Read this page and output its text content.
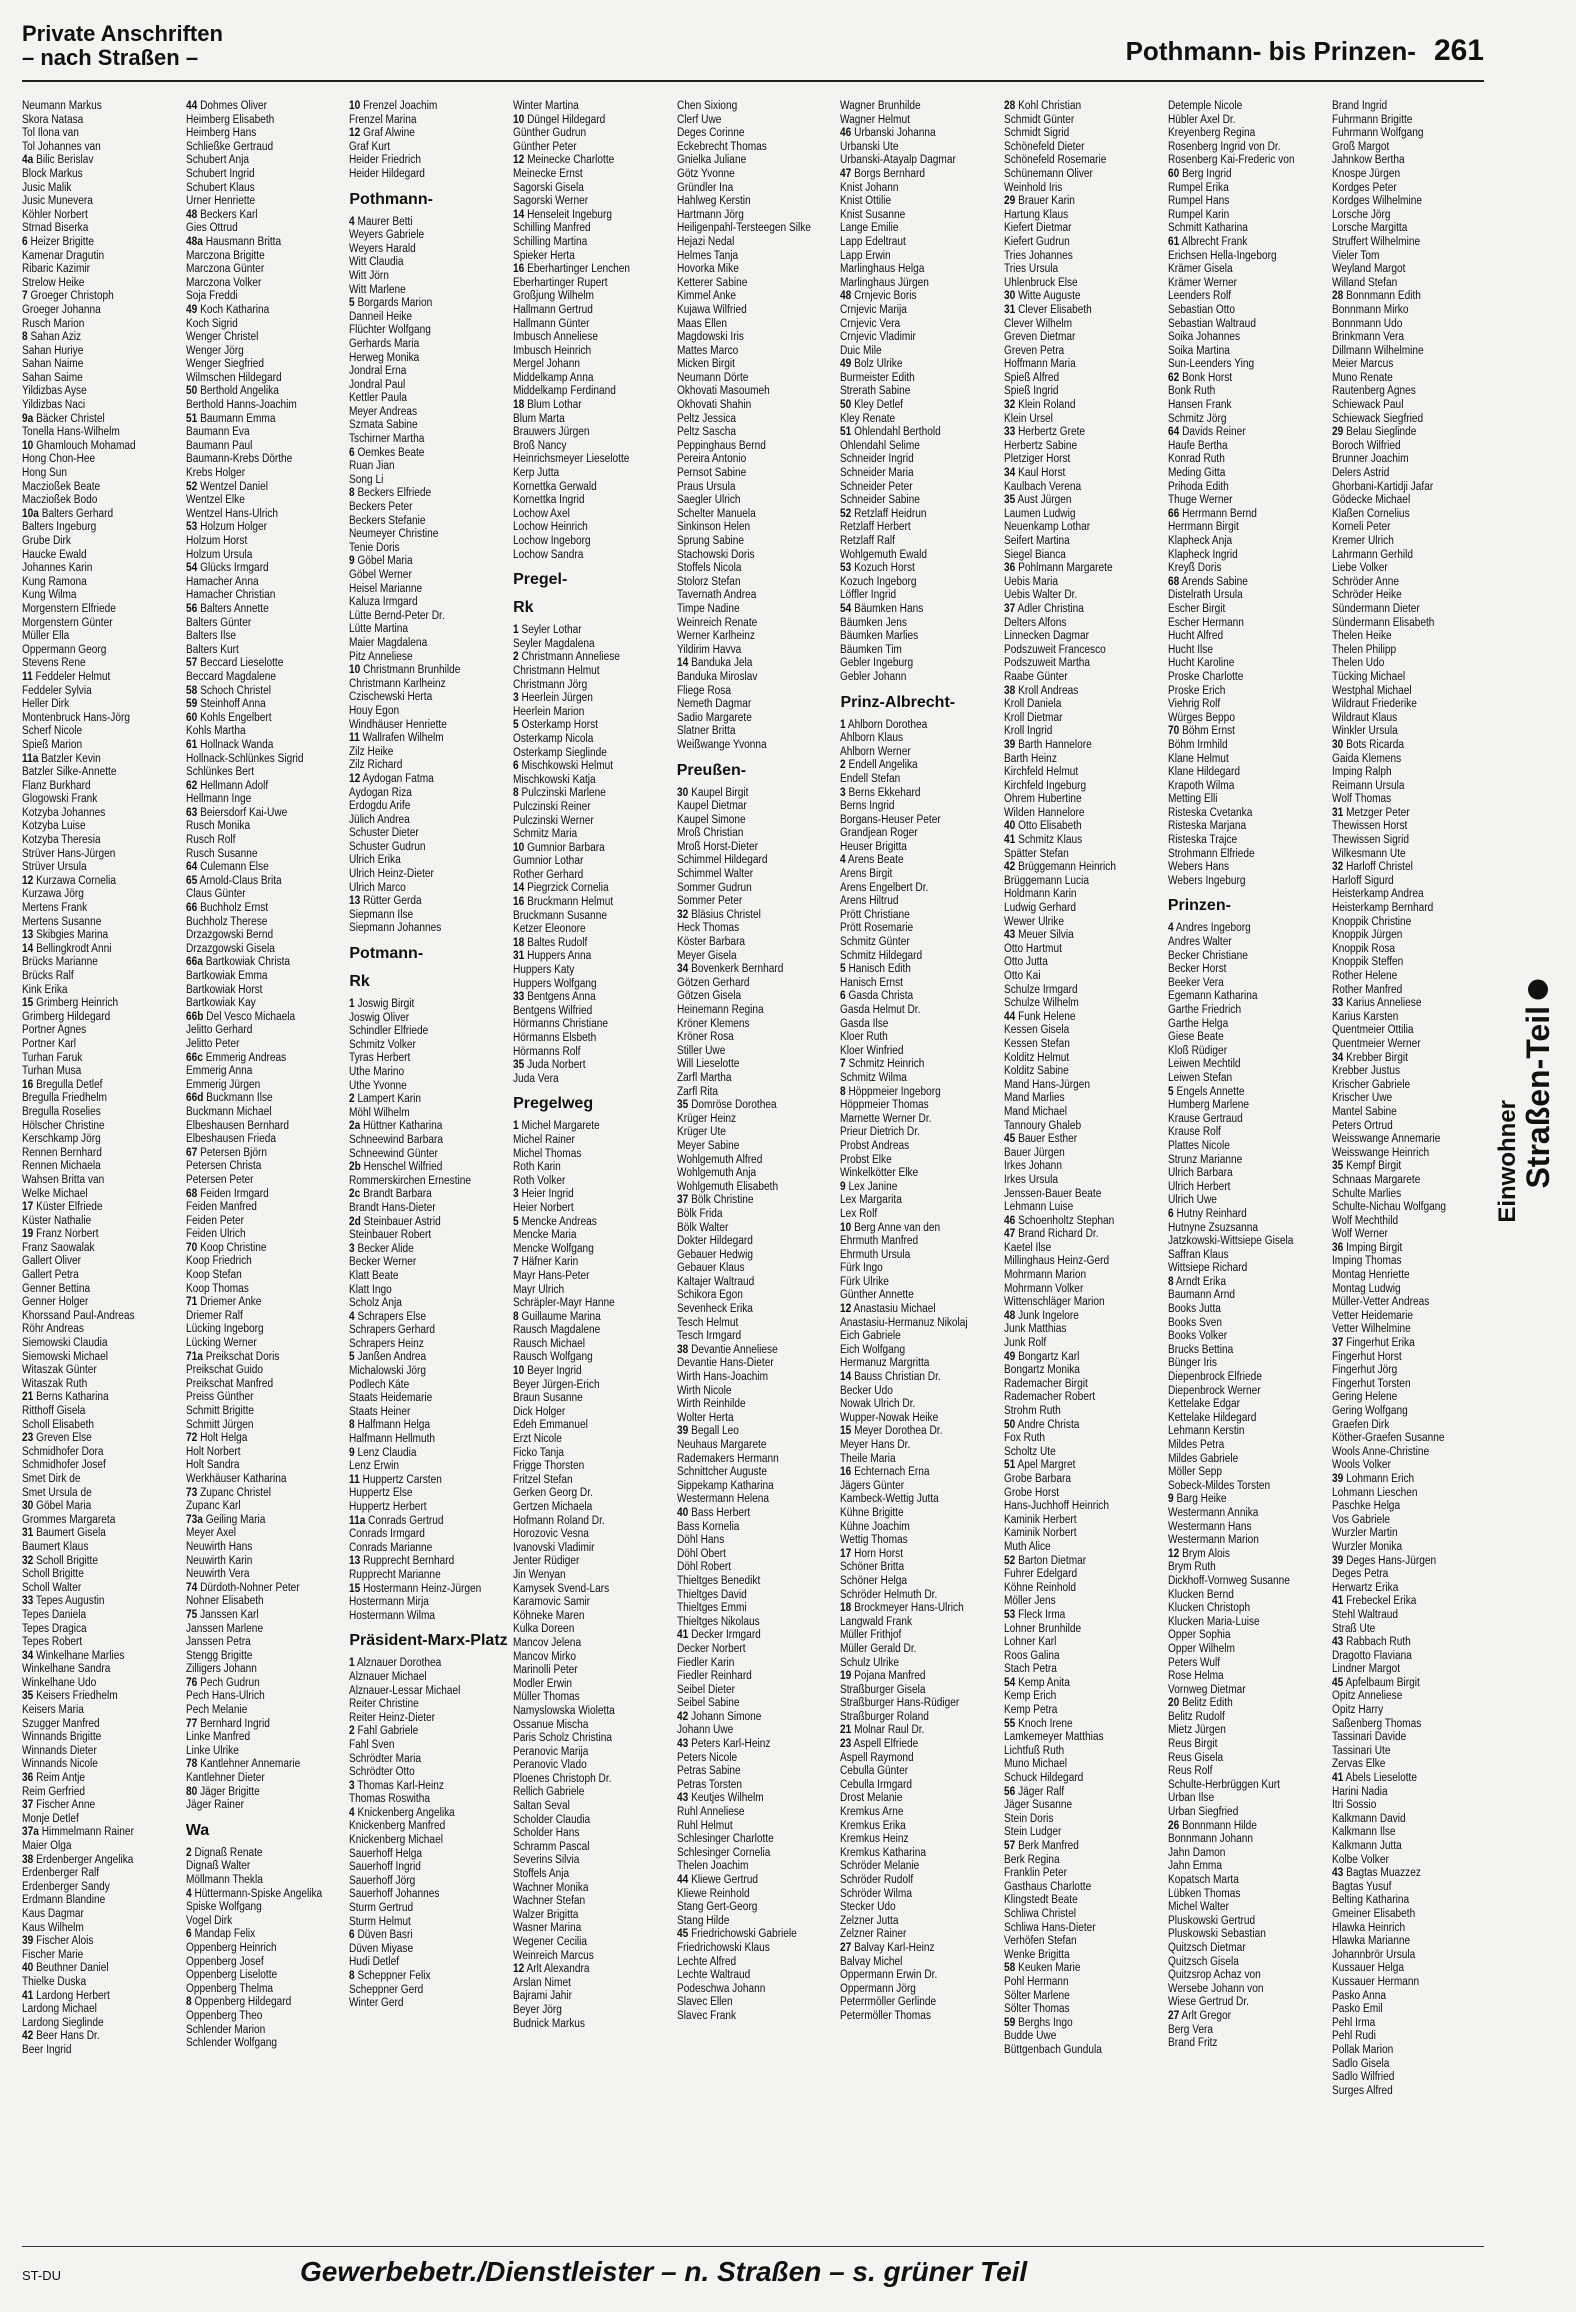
Private Anschriften
– nach Straßen –	Pothmann- bis Prinzen- 261
Neumann Markus
Skora Natasa
Tol Ilona van
Tol Johannes van
4a Bilic Berislav
Block Markus
Jusic Malik
Jusic Munevera
Köhler Norbert
Strnad Biserka
6 Heizer Brigitte
Kamenar Dragutin
Ribaric Kazimir
Strelow Heike
7 Groeger Christoph
Groeger Johanna
Rusch Marion
8 Sahan Aziz
Sahan Huriye
Sahan Naime
Sahan Saime
Yildizbas Ayse
Yildizbas Naci
9a Bäcker Christel
Tonella Hans-Wilhelm
10 Ghamlouch Mohamad
Hong Chon-Hee
Hong Sun
Maczioßek Beate
Maczioßek Bodo
10a Balters Gerhard
Balters Ingeburg
Grube Dirk
Haucke Ewald
Johannes Karin
Kung Ramona
Kung Wilma
Morgenstern Elfriede
Morgenstern Günter
Müller Ella
Oppermann Georg
Stevens Rene
11 Feddeler Helmut
Feddeler Sylvia
Heller Dirk
Montenbruck Hans-Jörg
Scherf Nicole
Spieß Marion
11a Batzler Kevin
Batzler Silke-Annette
Flanz Burkhard
Glogowski Frank
Kotzyba Johannes
Kotzyba Luise
Kotzyba Theresia
Strüver Hans-Jürgen
Strüver Ursula
12 Kurzawa Cornelia
Kurzawa Jörg
Mertens Frank
Mertens Susanne
13 Skibgies Marina
14 Bellingkrodt Anni
Brücks Marianne
Brücks Ralf
Kink Erika
15 Grimberg Heinrich
Grimberg Hildegard
Portner Agnes
Portner Karl
Turhan Faruk
Turhan Musa
16 Bregulla Detlef
Bregulla Friedhelm
Bregulla Roselies
Hölscher Christine
Kerschkamp Jörg
Rennen Bernhard
Rennen Michaela
Wahsen Britta van
Welke Michael
17 Küster Elfriede
Küster Nathalie
19 Franz Norbert
Franz Saowalak
Gallert Oliver
Gallert Petra
Genner Bettina
Genner Holger
Khorssand Paul-Andreas
Röhr Andreas
Siemowski Claudia
Siemowski Michael
Witaszak Günter
Witaszak Ruth
21 Berns Katharina
Ritthoff Gisela
Scholl Elisabeth
23 Greven Else
Schmidhofer Dora
Schmidhofer Josef
Smet Dirk de
Smet Ursula de
30 Göbel Maria
Grommes Margareta
31 Baumert Gisela
Baumert Klaus
32 Scholl Brigitte
Scholl Brigitte
Scholl Walter
33 Tepes Augustin
Tepes Daniela
Tepes Dragica
Tepes Robert
34 Winkelhane Marlies
Winkelhane Sandra
Winkelhane Udo
35 Keisers Friedhelm
Keisers Maria
Szugger Manfred
Winnands Brigitte
Winnands Dieter
Winnands Nicole
36 Reim Antje
Reim Gerfried
37 Fischer Anne
Monje Detlef
37a Himmelmann Rainer
Maier Olga
38 Erdenberger Angelika
Erdenberger Ralf
Erdenberger Sandy
Erdmann Blandine
Kaus Dagmar
Kaus Wilhelm
39 Fischer Alois
Fischer Marie
40 Beuthner Daniel
Thielke Duska
41 Lardong Herbert
Lardong Michael
Lardong Sieglinde
42 Beer Hans Dr.
Beer Ingrid
44 Dohmes Oliver
Heimberg Elisabeth
Heimberg Hans
Schließke Gertraud
Schubert Anja
Schubert Ingrid
Schubert Klaus
Urner Henriette
48 Beckers Karl
Gies Ottrud
48a Hausmann Britta
Marczona Brigitte
Marczona Günter
Marczona Volker
Soja Freddi
49 Koch Katharina
Koch Sigrid
Wenger Christel
Wenger Jörg
Wenger Siegfried
Wilmschen Hildegard
50 Berthold Angelika
Berthold Hanns-Joachim
51 Baumann Emma
Baumann Eva
Baumann Paul
Baumann-Krebs Dörthe
Krebs Holger
52 Wentzel Daniel
Wentzel Elke
Wentzel Hans-Ulrich
53 Holzum Holger
Holzum Horst
Holzum Ursula
54 Glücks Irmgard
Hamacher Anna
Hamacher Christian
56 Balters Annette
Balters Günter
Balters Ilse
Balters Kurt
57 Beccard Lieselotte
Beccard Magdalene
58 Schoch Christel
59 Steinhoff Anna
60 Kohls Engelbert
Kohls Martha
61 Hollnack Wanda
Hollnack-Schlünkes Sigrid
Schlünkes Bert
62 Hellmann Adolf
Hellmann Inge
63 Beiersdorf Kai-Uwe
Rusch Monika
Rusch Rolf
Rusch Susanne
64 Culemann Else
65 Arnold-Claus Brita
Claus Günter
66 Buchholz Ernst
Buchholz Therese
Drzazgowski Bernd
Drzazgowski Gisela
66a Bartkowiak Christa
Bartkowiak Emma
Bartkowiak Horst
Bartkowiak Kay
66b Del Vesco Michaela
Jelitto Gerhard
Jelitto Peter
66c Emmerig Andreas
Emmerig Anna
Emmerig Jürgen
66d Buckmann Ilse
Buckmann Michael
Elbeshausen Bernhard
Elbeshausen Frieda
67 Petersen Björn
Petersen Christa
Petersen Peter
68 Feiden Irmgard
Feiden Manfred
Feiden Peter
Feiden Ulrich
70 Koop Christine
Koop Friedrich
Koop Stefan
Koop Thomas
71 Driemer Anke
Driemer Ralf
Lücking Ingeborg
Lücking Werner
71a Preikschat Doris
Preikschat Guido
Preikschat Manfred
Preiss Günther
Schmitt Brigitte
Schmitt Jürgen
72 Holt Helga
Holt Norbert
Holt Sandra
Werkhäuser Katharina
73 Zupanc Christel
Zupanc Karl
73a Geiling Maria
Meyer Axel
Neuwirth Hans
Neuwirth Karin
Neuwirth Vera
74 Dürdoth-Nohner Peter
Nohner Elisabeth
75 Janssen Karl
Janssen Marlene
Janssen Petra
Stengg Brigitte
Zilligers Johann
76 Pech Gudrun
Pech Hans-Ulrich
Pech Melanie
77 Bernhard Ingrid
Linke Manfred
Linke Ulrike
78 Kantlehner Annemarie
Kantlehner Dieter
80 Jäger Brigitte
Jäger Rainer
Wa
2 Dignaß Renate
Dignaß Walter
Möllmann Thekla
4 Hüttermann-Spiske Angelika
Spiske Wolfgang
Vogel Dirk
6 Mandap Felix
Oppenberg Heinrich
Oppenberg Josef
Oppenberg Liselotte
Oppenberg Thelma
8 Oppenberg Hildegard
Oppenberg Theo
Schlender Marion
Schlender Wolfgang
10 Frenzel Joachim
Frenzel Marina
12 Graf Alwine
Graf Kurt
Heider Friedrich
Heider Hildegard
Pothmann-
4 Maurer Betti
Weyers Gabriele
Weyers Harald
Witt Claudia
Witt Jörn
Witt Marlene
5 Borgards Marion
Danneil Heike
Flüchter Wolfgang
Gerhards Maria
Herweg Monika
Jondral Erna
Jondral Paul
Kettler Paula
Meyer Andreas
Szmata Sabine
Tschirner Martha
6 Oemkes Beate
Ruan Jian
Song Li
8 Beckers Elfriede
Beckers Peter
Beckers Stefanie
Neumeyer Christine
Tenie Doris
9 Göbel Maria
Göbel Werner
Heisel Marianne
Kaluza Irmgard
Lütte Bernd-Peter Dr.
Lütte Martina
Maier Magdalena
Pitz Anneliese
10 Christmann Brunhilde
Christmann Karlheinz
Czischewski Herta
Houy Egon
Windhäuser Henriette
11 Wallrafen Wilhelm
Zilz Heike
Zilz Richard
12 Aydogan Fatma
Aydogan Riza
Erdogdu Arife
Jülich Andrea
Schuster Dieter
Schuster Gudrun
Ulrich Erika
Ulrich Heinz-Dieter
Ulrich Marco
13 Rütter Gerda
Siepmann Ilse
Siepmann Johannes
Potmann-
Rk
1 Joswig Birgit
Joswig Oliver
Schindler Elfriede
Schmitz Volker
Tyras Herbert
Uthe Marino
Uthe Yvonne
2 Lampert Karin
Möhl Wilhelm
2a Hüttner Katharina
Schneewind Barbara
Schneewind Günter
2b Henschel Wilfried
Rommerskirchen Ernestine
2c Brandt Barbara
Brandt Hans-Dieter
2d Steinbauer Astrid
Steinbauer Robert
3 Becker Alide
Becker Werner
Klatt Beate
Klatt Ingo
Scholz Anja
4 Schrapers Else
Schrapers Gerhard
Schrapers Heinz
5 Janßen Andrea
Michalowski Jörg
Podlech Käte
Staats Heidemarie
Staats Heiner
8 Halfmann Helga
Halfmann Hellmuth
9 Lenz Claudia
Lenz Erwin
11 Huppertz Carsten
Huppertz Else
Huppertz Herbert
11a Conrads Gertrud
Conrads Irmgard
Conrads Marianne
13 Rupprecht Bernhard
Rupprecht Marianne
15 Hostermann Heinz-Jürgen
Hostermann Mirja
Hostermann Wilma
Präsident-Marx-Platz
1 Alznauer Dorothea
Alznauer Michael
Alznauer-Lessar Michael
Reiter Christine
Reiter Heinz-Dieter
2 Fahl Gabriele
Fahl Sven
Schrödter Maria
Schrödter Otto
3 Thomas Karl-Heinz
Thomas Roswitha
4 Knickenberg Angelika
Knickenberg Manfred
Knickenberg Michael
Sauerhoff Helga
Sauerhoff Ingrid
Sauerhoff Jörg
Sauerhoff Johannes
Sturm Gertrud
Sturm Helmut
6 Düven Basri
Düven Miyase
Hudi Detlef
8 Scheppner Felix
Scheppner Gerd
Winter Gerd
Winter Martina
10 Düngel Hildegard
Günther Gudrun
Günther Peter
12 Meinecke Charlotte
Meinecke Ernst
Sagorski Gisela
Sagorski Werner
14 Henseleit Ingeburg
Schilling Manfred
Schilling Martina
Spieker Herta
16 Eberhartinger Lenchen
Eberhartinger Rupert
Großjung Wilhelm
Hallmann Gertrud
Hallmann Günter
Imbusch Anneliese
Imbusch Heinrich
Mergel Johann
Middelkamp Anna
Middelkamp Ferdinand
18 Blum Lothar
Blum Marta
Brauwers Jürgen
Broß Nancy
Heinrichsmeyer Lieselotte
Kerp Jutta
Kornettka Gerwald
Kornettka Ingrid
Lochow Axel
Lochow Heinrich
Lochow Ingeborg
Lochow Sandra
Pregel-
Rk
1 Seyler Lothar
Seyler Magdalena
2 Christmann Anneliese
Christmann Helmut
Christmann Jörg
3 Heerlein Jürgen
Heerlein Marion
5 Osterkamp Horst
Osterkamp Nicola
Osterkamp Sieglinde
6 Mischkowski Helmut
Mischkowski Katja
8 Pulczinski Marlene
Pulczinski Reiner
Pulczinski Werner
Schmitz Maria
10 Gumnior Barbara
Gumnior Lothar
Rother Gerhard
14 Piegrzick Cornelia
16 Bruckmann Helmut
Bruckmann Susanne
Ketzer Eleonore
18 Baltes Rudolf
31 Huppers Anna
Huppers Katy
Huppers Wolfgang
33 Bentgens Anna
Bentgens Wilfried
Hörmanns Christiane
Hörmanns Elsbeth
Hörmanns Rolf
35 Juda Norbert
Juda Vera
Pregelweg
1 Michel Margarete
Michel Rainer
Michel Thomas
Roth Karin
Roth Volker
3 Heier Ingrid
Heier Norbert
5 Mencke Andreas
Mencke Maria
Mencke Wolfgang
7 Häfner Karin
Mayr Hans-Peter
Mayr Ulrich
Schräpler-Mayr Hanne
8 Guillaume Marina
Rausch Magdalene
Rausch Michael
Rausch Wolfgang
10 Beyer Ingrid
Beyer Jürgen-Erich
Braun Susanne
Dick Holger
Edeh Emmanuel
Erzt Nicole
Ficko Tanja
Frigge Thorsten
Fritzel Stefan
Gerken Georg Dr.
Gertzen Michaela
Hofmann Roland Dr.
Horozovic Vesna
Ivanovski Vladimir
Jenter Rüdiger
Jin Wenyan
Kamysek Svend-Lars
Karamovic Samir
Köhneke Maren
Kulka Doreen
Mancov Jelena
Mancov Mirko
Marinolli Peter
Modler Erwin
Müller Thomas
Namyslowska Wioletta
Ossanue Mischa
Paris Scholz Christina
Peranovic Marija
Peranovic Vlado
Ploenes Christoph Dr.
Rellich Gabriele
Saltan Seval
Scholder Claudia
Scholder Hans
Schramm Pascal
Severins Silvia
Stoffels Anja
Wachner Monika
Wachner Stefan
Walzer Brigitta
Wasner Marina
Wegener Cecilia
Weinreich Marcus
12 Arlt Alexandra
Arslan Nimet
Bajrami Jahir
Beyer Jörg
Budnick Markus
Chen Sixiong
Clerf Uwe
Deges Corinne
Eckebrecht Thomas
Gnielka Juliane
Götz Yvonne
Gründler Ina
Hahlweg Kerstin
Hartmann Jörg
Heiligenpahl-Tersteegen Silke
Hejazi Nedal
Helmes Tanja
Hovorka Mike
Ketterer Sabine
Kimmel Anke
Kujawa Wilfried
Maas Ellen
Magdowski Iris
Mattes Marco
Micken Birgit
Neumann Dörte
Okhovati Masoumeh
Okhovati Shahin
Peltz Jessica
Peltz Sascha
Peppinghaus Bernd
Pereira Antonio
Pernsot Sabine
Praus Ursula
Saegler Ulrich
Schelter Manuela
Sinkinson Helen
Sprung Sabine
Stachowski Doris
Stoffels Nicola
Stolorz Stefan
Tavernath Andrea
Timpe Nadine
Weinreich Renate
Werner Karlheinz
Yildirim Havva
14 Banduka Jela
Banduka Miroslav
Fliege Rosa
Nemeth Dagmar
Sadio Margarete
Slatner Britta
Weißwange Yvonna
Preußen-
30 Kaupel Birgit
Kaupel Dietmar
Kaupel Simone
Mroß Christian
Mroß Horst-Dieter
Schimmel Hildegard
Schimmel Walter
Sommer Gudrun
Sommer Peter
32 Bläsius Christel
Heck Thomas
Köster Barbara
Meyer Gisela
34 Bovenkerk Bernhard
Götzen Gerhard
Götzen Gisela
Heinemann Regina
Kröner Klemens
Kröner Rosa
Stiller Uwe
Will Lieselotte
Zarfl Martha
Zarfl Rita
35 Domröse Dorothea
Krüger Heinz
Krüger Ute
Meyer Sabine
Wohlgemuth Alfred
Wohlgemuth Anja
Wohlgemuth Elisabeth
37 Bölk Christine
Bölk Frida
Bölk Walter
Dokter Hildegard
Gebauer Hedwig
Gebauer Klaus
Kaltajer Waltraud
Schikora Egon
Sevenheck Erika
Tesch Helmut
Tesch Irmgard
38 Devantie Anneliese
Devantie Hans-Dieter
Wirth Hans-Joachim
Wirth Nicole
Wirth Reinhilde
Wolter Herta
39 Begall Leo
Neuhaus Margarete
Rademakers Hermann
Schnittcher Auguste
Sippekamp Katharina
Westermann Helena
40 Bass Herbert
Bass Kornelia
Döhl Hans
Döhl Obert
Döhl Robert
Thieltges Benedikt
Thieltges David
Thieltges Emmi
Thieltges Nikolaus
41 Decker Irmgard
Decker Norbert
Fiedler Karin
Fiedler Reinhard
Seibel Dieter
Seibel Sabine
42 Johann Simone
Johann Uwe
43 Peters Karl-Heinz
Peters Nicole
Petras Sabine
Petras Torsten
43 Keutjes Wilhelm
Ruhl Anneliese
Ruhl Helmut
Schlesinger Charlotte
Schlesinger Cornelia
Thelen Joachim
44 Kliewe Gertrud
Kliewe Reinhold
Stang Gert-Georg
Stang Hilde
45 Friedrichowski Gabriele
Friedrichowski Klaus
Lechte Alfred
Lechte Waltraud
Podeschwa Johann
Slavec Ellen
Slavec Frank
Wagner Brunhilde
Wagner Helmut
46 Urbanski Johanna
Urbanski Ute
Urbanski-Atayalp Dagmar
47 Borgs Bernhard
Knist Johann
Knist Ottilie
Knist Susanne
Lange Emilie
Lapp Edeltraut
Lapp Erwin
Marlinghaus Helga
Marlinghaus Jürgen
48 Crnjevic Boris
Crnjevic Marija
Crnjevic Vera
Crnjevic Vladimir
Duic Mile
49 Bolz Ulrike
Burmeister Edith
Strerath Sabine
50 Kley Detlef
Kley Renate
51 Öhlendahl Berthold
Öhlendahl Selime
Schneider Ingrid
Schneider Maria
Schneider Peter
Schneider Sabine
52 Retzlaff Heidrun
Retzlaff Herbert
Retzlaff Ralf
Wohlgemuth Ewald
53 Kozuch Horst
Kozuch Ingeborg
Löffler Ingrid
54 Bäumken Hans
Bäumken Jens
Bäumken Marlies
Bäumken Tim
Gebler Ingeburg
Gebler Johann
Prinz-Albrecht-
1 Ahlborn Dorothea
Ahlborn Klaus
Ahlborn Werner
2 Endell Angelika
Endell Stefan
3 Berns Ekkehard
Berns Ingrid
Borgans-Heuser Peter
Grandjean Roger
Heuser Brigitta
4 Arens Beate
Arens Birgit
Arens Engelbert Dr.
Arens Hiltrud
Prött Christiane
Prött Rosemarie
Schmitz Günter
Schmitz Hildegard
5 Hanisch Edith
Hanisch Ernst
6 Gasda Christa
Gasda Helmut Dr.
Gasda Ilse
Kloer Ruth
Kloer Winfried
7 Schmitz Heinrich
Schmitz Wilma
8 Höppmeier Ingeborg
Höppmeier Thomas
Marnette Werner Dr.
Prieur Dietrich Dr.
Probst Andreas
Probst Elke
Winkelkötter Elke
9 Lex Janine
Lex Margarita
Lex Rolf
10 Berg Anne van den
Ehrmuth Manfred
Ehrmuth Ursula
Fürk Ingo
Fürk Ulrike
Günther Annette
12 Anastasiu Michael
Anastasiu-Hermanuz Nikolaj
Eich Gabriele
Eich Wolfgang
Hermanuz Margritta
14 Bauss Christian Dr.
Becker Udo
Nowak Ulrich Dr.
Wupper-Nowak Heike
15 Meyer Dorothea Dr.
Meyer Hans Dr.
Theile Maria
16 Echternach Erna
Jägers Günter
Kambeck-Wettig Jutta
Kühne Brigitte
Kühne Joachim
Wettig Thomas
17 Horn Horst
Schöner Britta
Schöner Helga
Schröder Helmuth Dr.
18 Brockmeyer Hans-Ulrich
Langwald Frank
Müller Frithjof
Müller Gerald Dr.
Schulz Ulrike
19 Pojana Manfred
Straßburger Gisela
Straßburger Hans-Rüdiger
Straßburger Roland
21 Molnar Raul Dr.
23 Aspell Elfriede
Aspell Raymond
Cebulla Günter
Cebulla Irmgard
Drost Melanie
Kremkus Arne
Kremkus Erika
Kremkus Heinz
Kremkus Katharina
Schröder Melanie
Schröder Rudolf
Schröder Wilma
Stecker Udo
Zelzner Jutta
Zelzner Rainer
27 Balvay Karl-Heinz
Balvay Michel
Oppermann Erwin Dr.
Oppermann Jörg
Peterrmöller Gerlinde
Petermöller Thomas
28 Kohl Christian
Schmidt Günter
Schmidt Sigrid
Schönefeld Dieter
Schönefeld Rosemarie
Schünemann Oliver
Weinhold Iris
29 Brauer Karin
Hartung Klaus
Kiefert Dietmar
Kiefert Gudrun
Tries Johannes
Tries Ursula
Uhlenbruck Else
30 Witte Auguste
31 Clever Elisabeth
Clever Wilhelm
Greven Dietmar
Greven Petra
Hoffmann Maria
Spieß Alfred
Spieß Ingrid
32 Klein Roland
Klein Ursel
33 Herbertz Grete
Herbertz Sabine
Pletziger Horst
34 Kaul Horst
Kaulbach Verena
35 Aust Jürgen
Laumen Ludwig
Neuenkamp Lothar
Seifert Martina
Siegel Bianca
36 Pohlmann Margarete
Uebis Maria
Uebis Walter Dr.
37 Adler Christina
Delters Alfons
Linnecken Dagmar
Podszuweit Francesco
Podszuweit Martha
Raabe Günter
38 Kroll Andreas
Kroll Daniela
Kroll Dietmar
Kroll Ingrid
39 Barth Hannelore
Barth Heinz
Kirchfeld Helmut
Kirchfeld Ingeburg
Ohrem Hubertine
Wilden Hannelore
40 Otto Elisabeth
41 Schmitz Klaus
Spätter Stefan
42 Brüggemann Heinrich
Brüggemann Lucia
Holdmann Karin
Ludwig Gerhard
Wewer Ulrike
43 Meuer Silvia
Otto Hartmut
Otto Jutta
Otto Kai
Schulze Irmgard
Schulze Wilhelm
44 Funk Helene
Kessen Gisela
Kessen Stefan
Kolditz Helmut
Kolditz Sabine
Mand Hans-Jürgen
Mand Marlies
Mand Michael
Tannoury Ghaleb
45 Bauer Esther
Bauer Jürgen
Irkes Johann
Irkes Ursula
Jenssen-Bauer Beate
Lehmann Luise
46 Schoenholtz Stephan
47 Brand Richard Dr.
Kaetel Ilse
Millinghaus Heinz-Gerd
Mohrmann Marion
Mohrmann Volker
Wittenschläger Marion
48 Junk Ingelore
Junk Matthias
Junk Rolf
49 Bongartz Karl
Bongartz Monika
Rademacher Birgit
Rademacher Robert
Strohm Ruth
50 Andre Christa
Fox Ruth
Scholtz Ute
51 Apel Margret
Grobe Barbara
Grobe Horst
Hans-Juchhoff Heinrich
Kaminik Herbert
Kaminik Norbert
Muth Alice
52 Barton Dietmar
Fuhrer Edelgard
Köhne Reinhold
Möller Jens
53 Fleck Irma
Lohner Brunhilde
Lohner Karl
Roos Galina
Stach Petra
54 Kemp Anita
Kemp Erich
Kemp Petra
55 Knoch Irene
Lamkemeyer Matthias
Lichtfuß Ruth
Muno Michael
Schuck Hildegard
56 Jäger Ralf
Jäger Susanne
Stein Doris
Stein Ludger
57 Berk Manfred
Berk Regina
Franklin Peter
Gasthaus Charlotte
Klingstedt Beate
Schliwa Christel
Schliwa Hans-Dieter
Verhöfen Stefan
Wenke Brigitta
58 Keuken Marie
Pohl Hermann
Sölter Marlene
Sölter Thomas
59 Berghs Ingo
Budde Uwe
Büttgenbach Gundula
Detemple Nicole
Hübler Axel Dr.
Kreyenberg Regina
Rosenberg Ingrid von Dr.
Rosenberg Kai-Frederic von
60 Berg Ingrid
Rumpel Erika
Rumpel Hans
Rumpel Karin
Schmitt Katharina
61 Albrecht Frank
Erichsen Hella-Ingeborg
Krämer Gisela
Krämer Werner
Leenders Rolf
Sebastian Otto
Sebastian Waltraud
Soika Johannes
Soika Martina
Sun-Leenders Ying
62 Bonk Horst
Bonk Ruth
Hansen Frank
Schmitz Jörg
64 Davids Reiner
Haufe Bertha
Konrad Ruth
Meding Gitta
Prihoda Edith
Thuge Werner
66 Herrmann Bernd
Herrmann Birgit
Klapheck Anja
Klapheck Ingrid
Kreyß Doris
68 Arends Sabine
Distelrath Ursula
Escher Birgit
Escher Hermann
Hucht Alfred
Hucht Ilse
Hucht Karoline
Proske Charlotte
Proske Erich
Viehrig Rolf
Würges Beppo
70 Böhm Ernst
Böhm Irmhild
Klane Helmut
Klane Hildegard
Krapoth Wilma
Metting Elli
Risteska Cvetanka
Risteska Marjana
Risteska Trajce
Strohmann Elfriede
Webers Hans
Webers Ingeburg
Prinzen-
4 Andres Ingeborg
Andres Walter
Becker Christiane
Becker Horst
Beeker Vera
Egemann Katharina
Garthe Friedrich
Garthe Helga
Giese Beate
Kloß Rüdiger
Leiwen Mechtild
Leiwen Stefan
5 Engels Annette
Humberg Marlene
Krause Gertraud
Krause Rolf
Plattes Nicole
Strunz Marianne
Ulrich Barbara
Ulrich Herbert
Ulrich Uwe
6 Hutny Reinhard
Hutnyne Zsuzsanna
Jatzkowski-Wittsiepe Gisela
Saffran Klaus
Wittsiepe Richard
8 Arndt Erika
Baumann Arnd
Books Jutta
Books Sven
Books Volker
Brucks Bettina
Bünger Iris
Diepenbrock Elfriede
Diepenbrock Werner
Kettelake Edgar
Kettelake Hildegard
Lehmann Kerstin
Mildes Petra
Mildes Gabriele
Möller Sepp
Sobeck-Mildes Torsten
9 Barg Heike
Westermann Annika
Westermann Hans
Westermann Marion
12 Brym Alois
Brym Ruth
Dickhoff-Vornweg Susanne
Klucken Bernd
Klucken Christoph
Klucken Maria-Luise
Opper Sophia
Opper Wilhelm
Peters Wulf
Rose Helma
Vornweg Dietmar
20 Belitz Edith
Belitz Rudolf
Mietz Jürgen
Reus Birgit
Reus Gisela
Reus Rolf
Schulte-Herbrüggen Kurt
Urban Ilse
Urban Siegfried
26 Bonnmann Hilde
Bonnmann Johann
Jahn Damon
Jahn Emma
Kopatsch Marta
Lübken Thomas
Michel Walter
Pluskowski Gertrud
Pluskowski Sebastian
Quitzsch Dietmar
Quitzsch Gisela
Quitzsrop Achaz von
Wersebe Johann von
Wiese Gertrud Dr.
27 Arlt Gregor
Berg Vera
Brand Fritz
Brand Ingrid
Fuhrmann Brigitte
Fuhrmann Wolfgang
Groß Margot
Jahnkow Bertha
Knospe Jürgen
Kordges Peter
Kordges Wilhelmine
Lorsche Jörg
Lorsche Margitta
Struffert Wilhelmine
Vieler Tom
Weyland Margot
Willand Stefan
28 Bonnmann Edith
Bonnmann Mirko
Bonnmann Udo
Brinkmann Vera
Dillmann Wilhelmine
Meier Marcus
Muno Renate
Rautenberg Agnes
Schiewack Paul
Schiewack Siegfried
29 Belau Sieglinde
Boroch Wilfried
Brunner Joachim
Delers Astrid
Ghorbani-Kartidji Jafar
Gödecke Michael
Klaßen Cornelius
Korneli Peter
Kremer Ulrich
Lahrmann Gerhild
Liebe Volker
Schröder Anne
Schröder Heike
Sündermann Dieter
Sündermann Elisabeth
Thelen Heike
Thelen Philipp
Thelen Udo
Tücking Michael
Westphal Michael
Wildraut Friederike
Wildraut Klaus
Winkler Ursula
30 Bots Ricarda
Gaida Klemens
Imping Ralph
Reimann Ursula
Wolf Thomas
31 Metzger Peter
Thewissen Horst
Thewissen Sigrid
Wilkesmann Ute
32 Harloff Christel
Harloff Sigurd
Heisterkamp Andrea
Heisterkamp Bernhard
Knoppik Christine
Knoppik Jürgen
Knoppik Rosa
Knoppik Steffen
Rother Helene
Rother Manfred
33 Karius Anneliese
Karius Karsten
Quentmeier Ottilia
Quentmeier Werner
34 Krebber Birgit
Krebber Justus
Krischer Gabriele
Krischer Uwe
Mantel Sabine
Peters Ortrud
Weisswange Annemarie
Weisswange Heinrich
35 Kempf Birgit
Schnaas Margarete
Schulte Marlies
Schulte-Nichau Wolfgang
Wolf Mechthild
Wolf Werner
36 Imping Birgit
Imping Thomas
Montag Henriette
Montag Ludwig
Müller-Vetter Andreas
Vetter Heidemarie
Vetter Wilhelmine
37 Fingerhut Erika
Fingerhut Horst
Fingerhut Jörg
Fingerhut Torsten
Gering Helene
Gering Wolfgang
Graefen Dirk
Köther-Graefen Susanne
Wools Anne-Christine
Wools Volker
39 Lohmann Erich
Lohmann Lieschen
Paschke Helga
Vos Gabriele
Wurzler Martin
Wurzler Monika
39 Deges Hans-Jürgen
Deges Petra
Herwartz Erika
41 Frebeckel Erika
Stehl Waltraud
Straß Ute
43 Rabbach Ruth
Dragotto Flaviana
Lindner Margot
45 Apfelbaum Birgit
Opitz Anneliese
Opitz Harry
Saßenberg Thomas
Tassinari Davide
Tassinari Ute
Zervas Elke
41 Abels Lieselotte
Harini Nadia
Itri Sossio
Kalkmann David
Kalkmann Ilse
Kalkmann Jutta
Kolbe Volker
43 Bagtas Muazzez
Bagtas Yusuf
Belting Katharina
Gmeiner Elisabeth
Hlawka Heinrich
Hlawka Marianne
Johannbrör Ursula
Kussauer Helga
Kussauer Hermann
Pasko Anna
Pasko Emil
Pehl Irma
Pehl Rudi
Pollak Marion
Sadlo Gisela
Sadlo Wilfried
Surges Alfred
Einwohner Straßen-Teil
ST-DU	Gewerbebetr./Dienstleister – n. Straßen – s. grüner Teil
